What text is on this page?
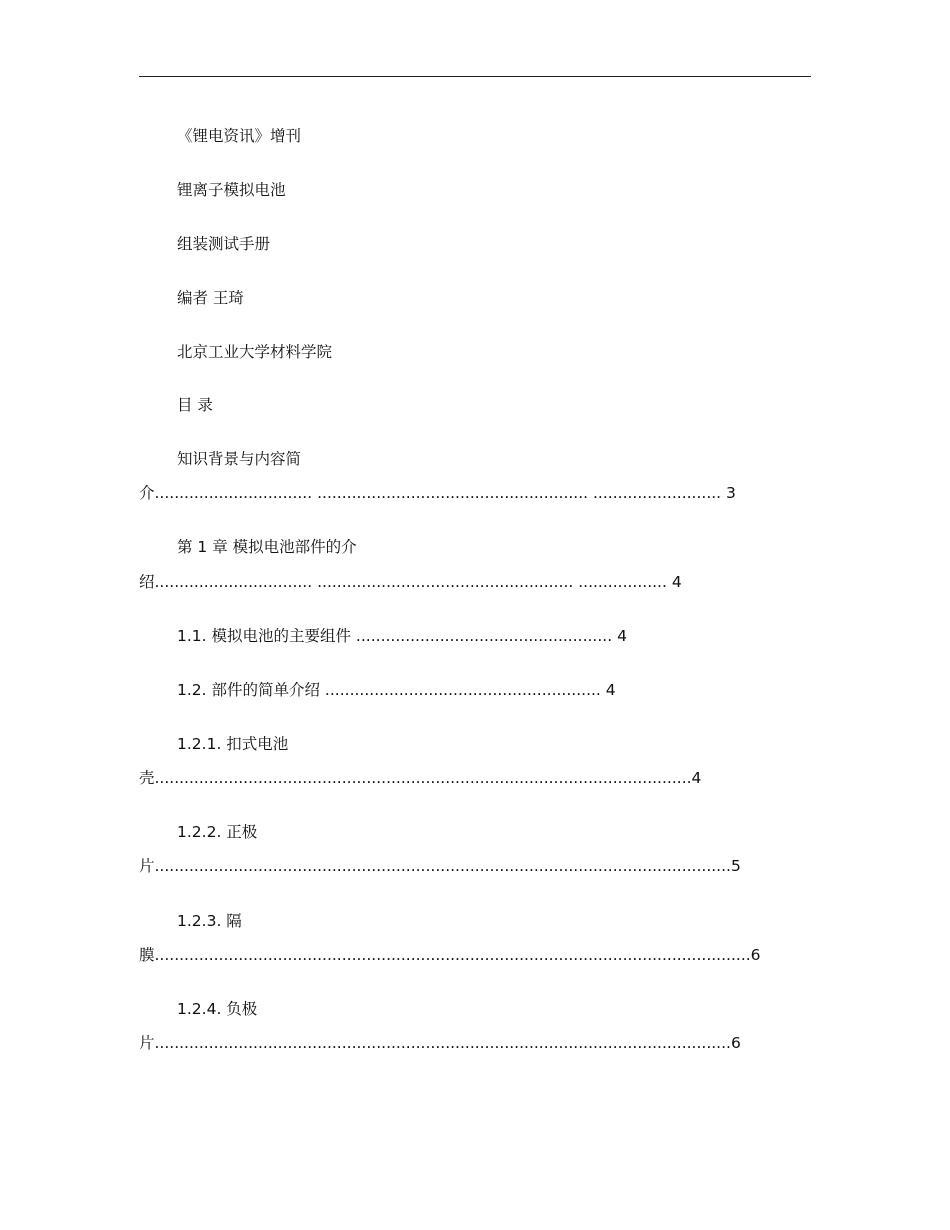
《锂电资讯》增刊
锂离子模拟电池
组装测试手册
编者 王琦
北京工业大学材料学院
目 录
知识背景与内容简
介................................ ....................................................... .......................... 3
第 1 章 模拟电池部件的介
绍................................ .................................................... .................. 4
1.1. 模拟电池的主要组件 .................................................... 4
1.2. 部件的简单介绍 ........................................................ 4
1.2.1. 扣式电池
壳.............................................................................................................4
1.2.2. 正极
片.....................................................................................................................5
1.2.3. 隔
膜.........................................................................................................................6
1.2.4. 负极
片.....................................................................................................................6
